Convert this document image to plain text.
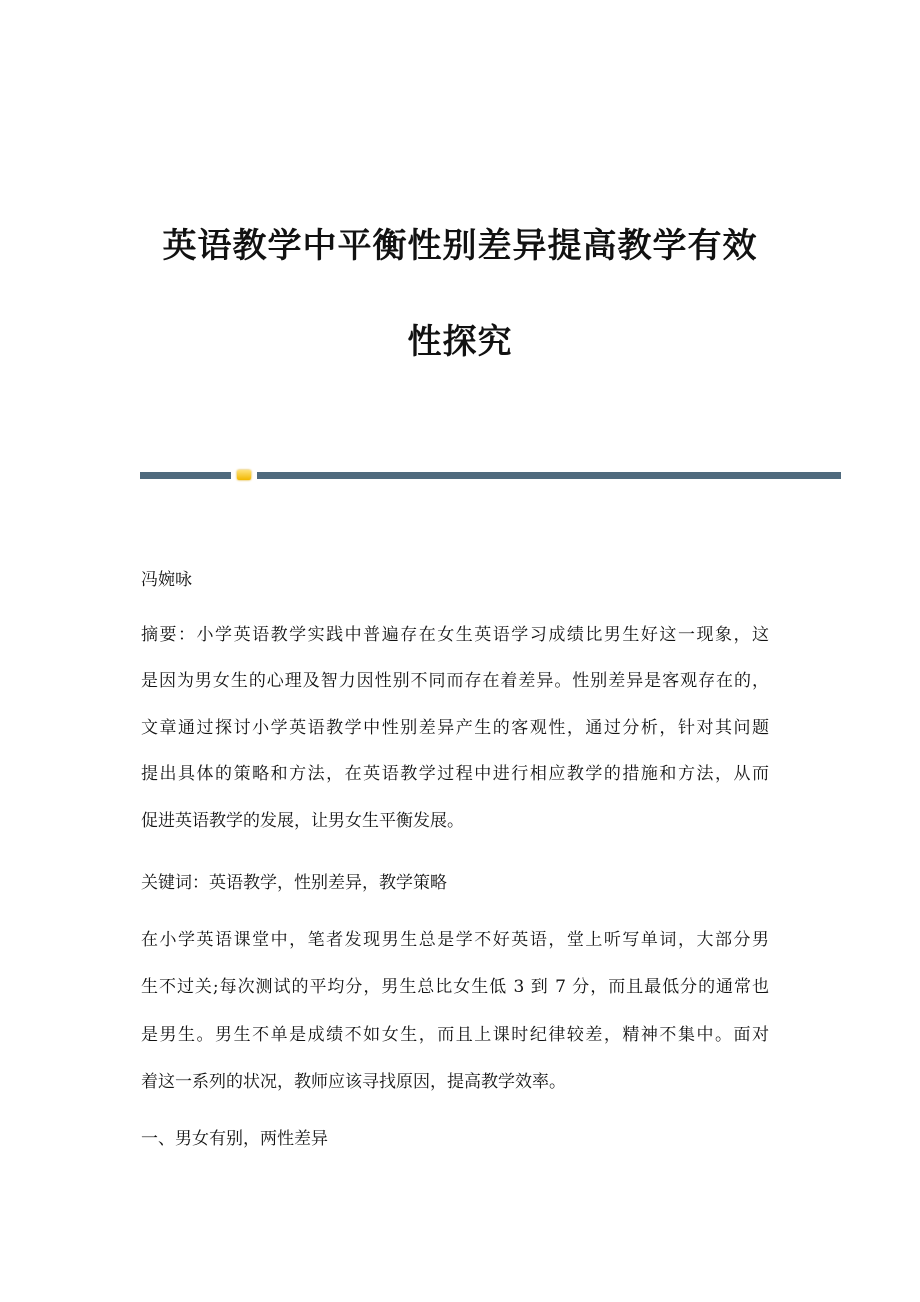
英语教学中平衡性别差异提高教学有效
性探究
冯婉咏
摘要：小学英语教学实践中普遍存在女生英语学习成绩比男生好这一现象，这
是因为男女生的心理及智力因性别不同而存在着差异。性别差异是客观存在的，
文章通过探讨小学英语教学中性别差异产生的客观性，通过分析，针对其问题
提出具体的策略和方法，在英语教学过程中进行相应教学的措施和方法，从而
促进英语教学的发展，让男女生平衡发展。
关键词：英语教学，性别差异，教学策略
在小学英语课堂中，笔者发现男生总是学不好英语，堂上听写单词，大部分男
生不过关;每次测试的平均分，男生总比女生低 3 到 7 分，而且最低分的通常也
是男生。男生不单是成绩不如女生，而且上课时纪律较差，精神不集中。面对
着这一系列的状况，教师应该寻找原因，提高教学效率。
一、男女有别，两性差异
